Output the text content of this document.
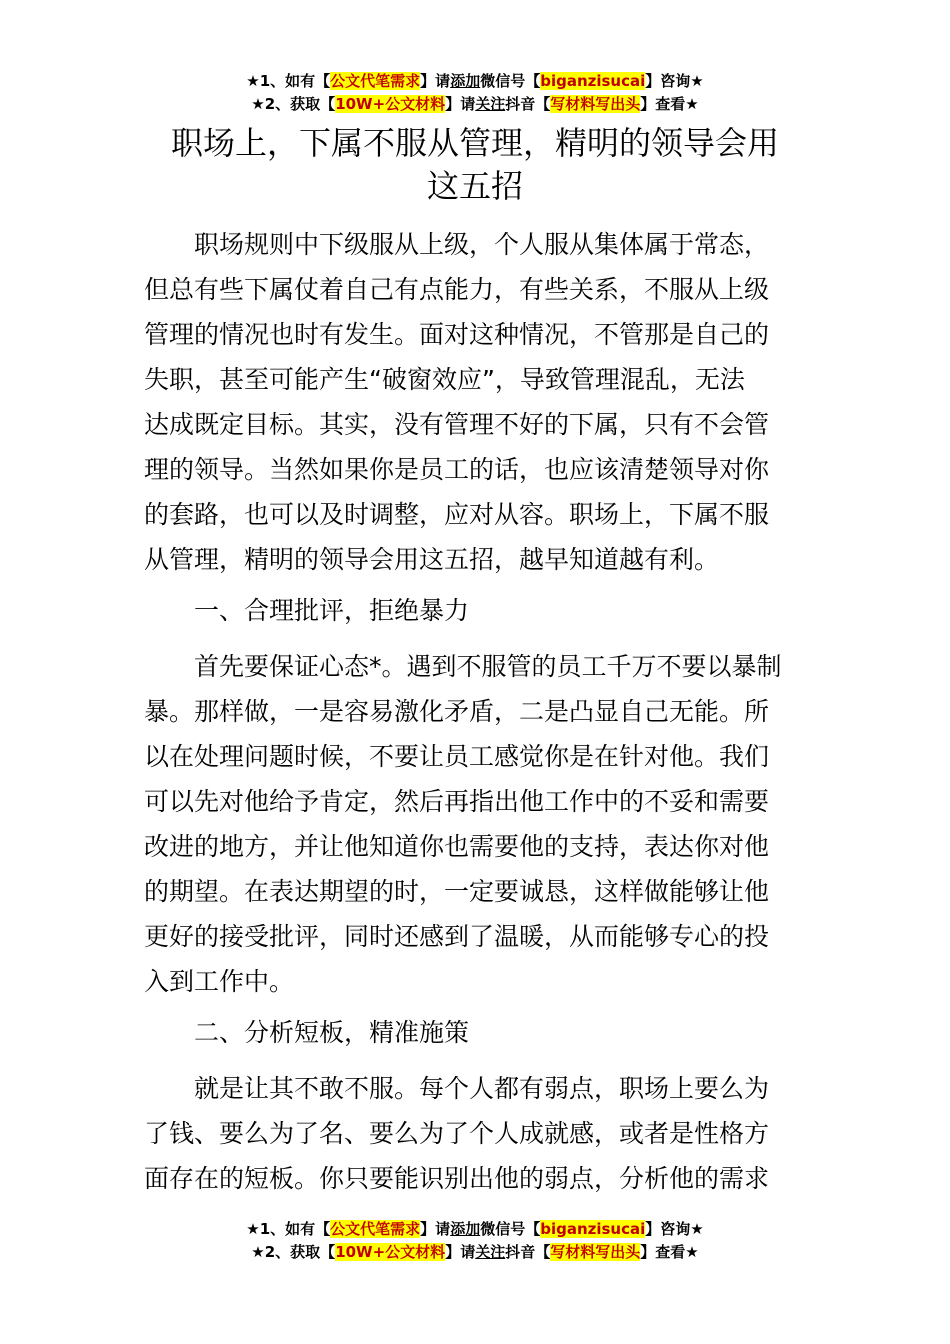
★1、如有【公文代笔需求】请添加微信号【biganzisucai】咨询★
★2、获取【10W+公文材料】请关注抖音【写材料写出头】查看★
职场上，下属不服从管理，精明的领导会用
这五招
职场规则中下级服从上级，个人服从集体属于常态，
但总有些下属仗着自己有点能力，有些关系，不服从上级
管理的情况也时有发生。面对这种情况，不管那是自己的
失职，甚至可能产生“破窗效应”，导致管理混乱，无法
达成既定目标。其实，没有管理不好的下属，只有不会管
理的领导。当然如果你是员工的话，也应该清楚领导对你
的套路，也可以及时调整，应对从容。职场上，下属不服
从管理，精明的领导会用这五招，越早知道越有利。
一、合理批评，拒绝暴力
首先要保证心态*。遇到不服管的员工千万不要以暴制
暴。那样做，一是容易激化矛盾，二是凸显自己无能。所
以在处理问题时候，不要让员工感觉你是在针对他。我们
可以先对他给予肯定，然后再指出他工作中的不妥和需要
改进的地方，并让他知道你也需要他的支持，表达你对他
的期望。在表达期望的时，一定要诚恳，这样做能够让他
更好的接受批评，同时还感到了温暖，从而能够专心的投
入到工作中。
二、分析短板，精准施策
就是让其不敢不服。每个人都有弱点，职场上要么为
了钱、要么为了名、要么为了个人成就感，或者是性格方
面存在的短板。你只要能识别出他的弱点，分析他的需求
★1、如有【公文代笔需求】请添加微信号【biganzisucai】咨询★
★2、获取【10W+公文材料】请关注抖音【写材料写出头】查看★
